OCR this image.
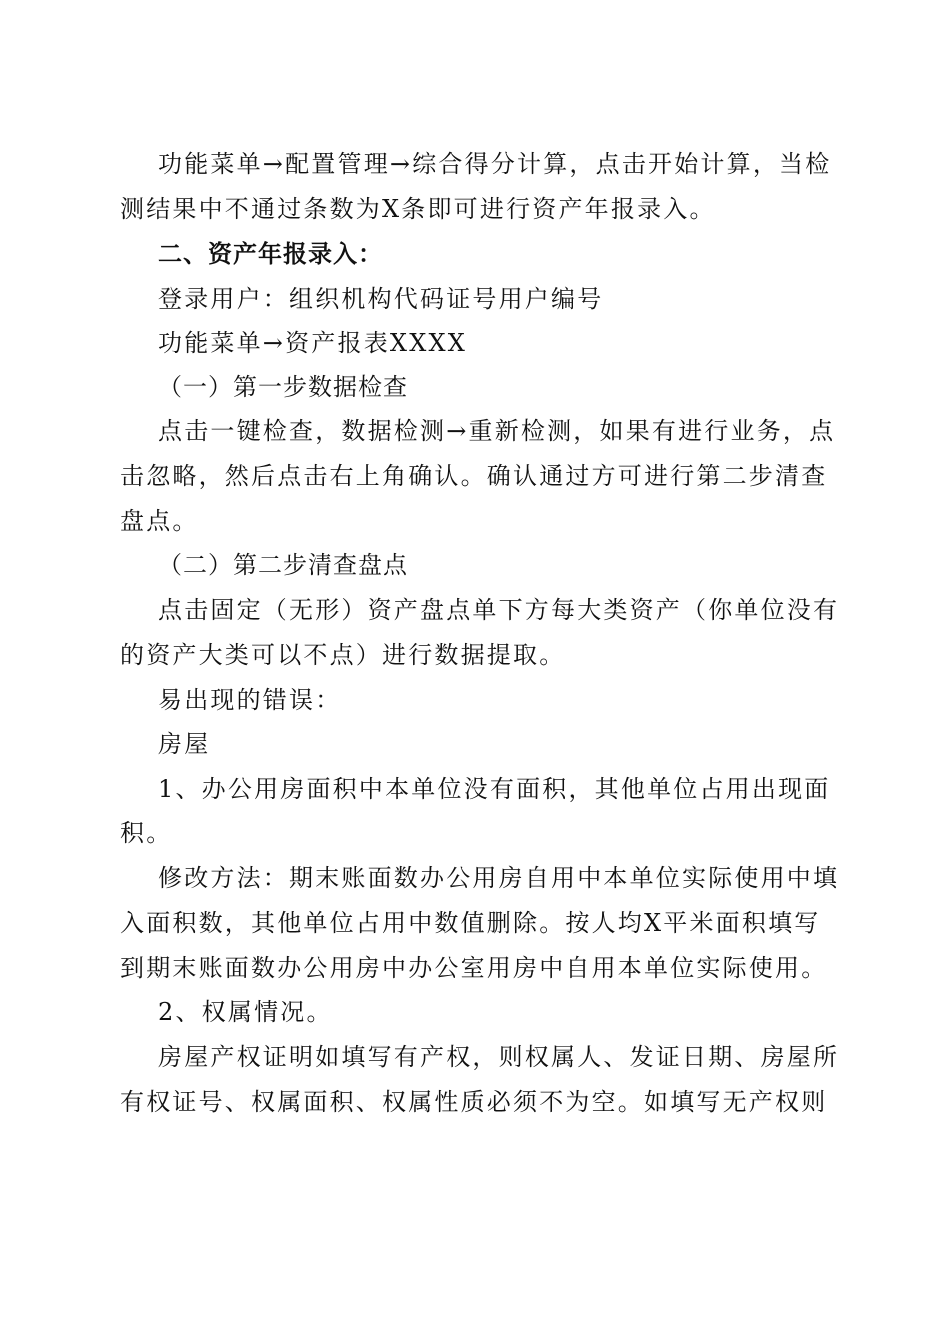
功能菜单→配置管理→综合得分计算，点击开始计算，当检
测结果中不通过条数为X条即可进行资产年报录入。
二、资产年报录入：
登录用户：组织机构代码证号用户编号
功能菜单→资产报表XXXX
（一）第一步数据检查
点击一键检查，数据检测→重新检测，如果有进行业务，点
击忽略，然后点击右上角确认。确认通过方可进行第二步清查
盘点。
（二）第二步清查盘点
点击固定（无形）资产盘点单下方每大类资产（你单位没有
的资产大类可以不点）进行数据提取。
易出现的错误：
房屋
1、办公用房面积中本单位没有面积，其他单位占用出现面
积。
修改方法：期末账面数办公用房自用中本单位实际使用中填
入面积数，其他单位占用中数值删除。按人均X平米面积填写
到期末账面数办公用房中办公室用房中自用本单位实际使用。
2、权属情况。
房屋产权证明如填写有产权，则权属人、发证日期、房屋所
有权证号、权属面积、权属性质必须不为空。如填写无产权则
